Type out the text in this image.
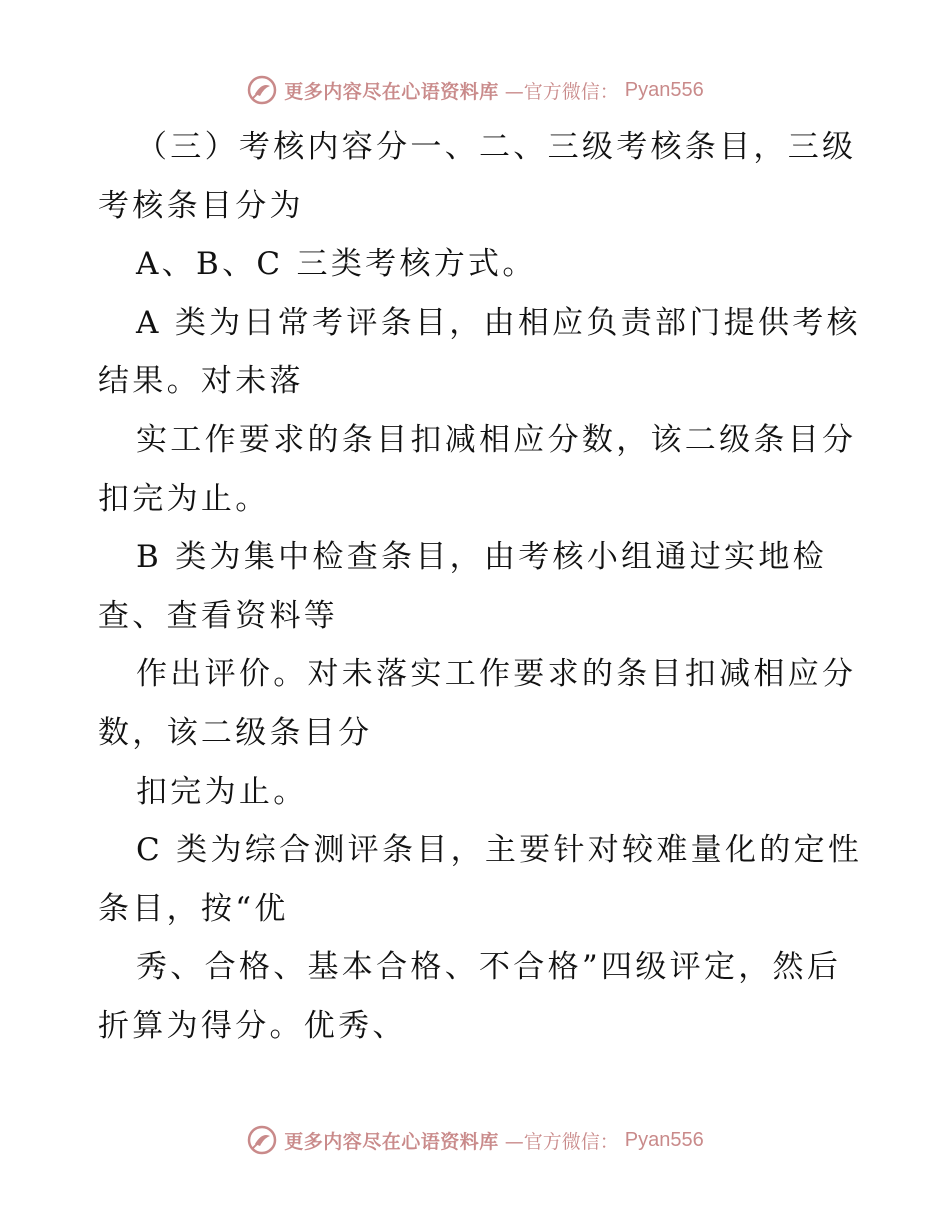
更多内容尽在心语资料库 —官方微信： Pyan556
（三）考核内容分一、二、三级考核条目，三级
考核条目分为
A、B、C 三类考核方式。
A 类为日常考评条目，由相应负责部门提供考核
结果。对未落
实工作要求的条目扣减相应分数，该二级条目分
扣完为止。
B 类为集中检查条目，由考核小组通过实地检
查、查看资料等
作出评价。对未落实工作要求的条目扣减相应分
数，该二级条目分
扣完为止。
C 类为综合测评条目，主要针对较难量化的定性
条目，按“优
秀、合格、基本合格、不合格”四级评定，然后
折算为得分。优秀、
更多内容尽在心语资料库 —官方微信： Pyan556
